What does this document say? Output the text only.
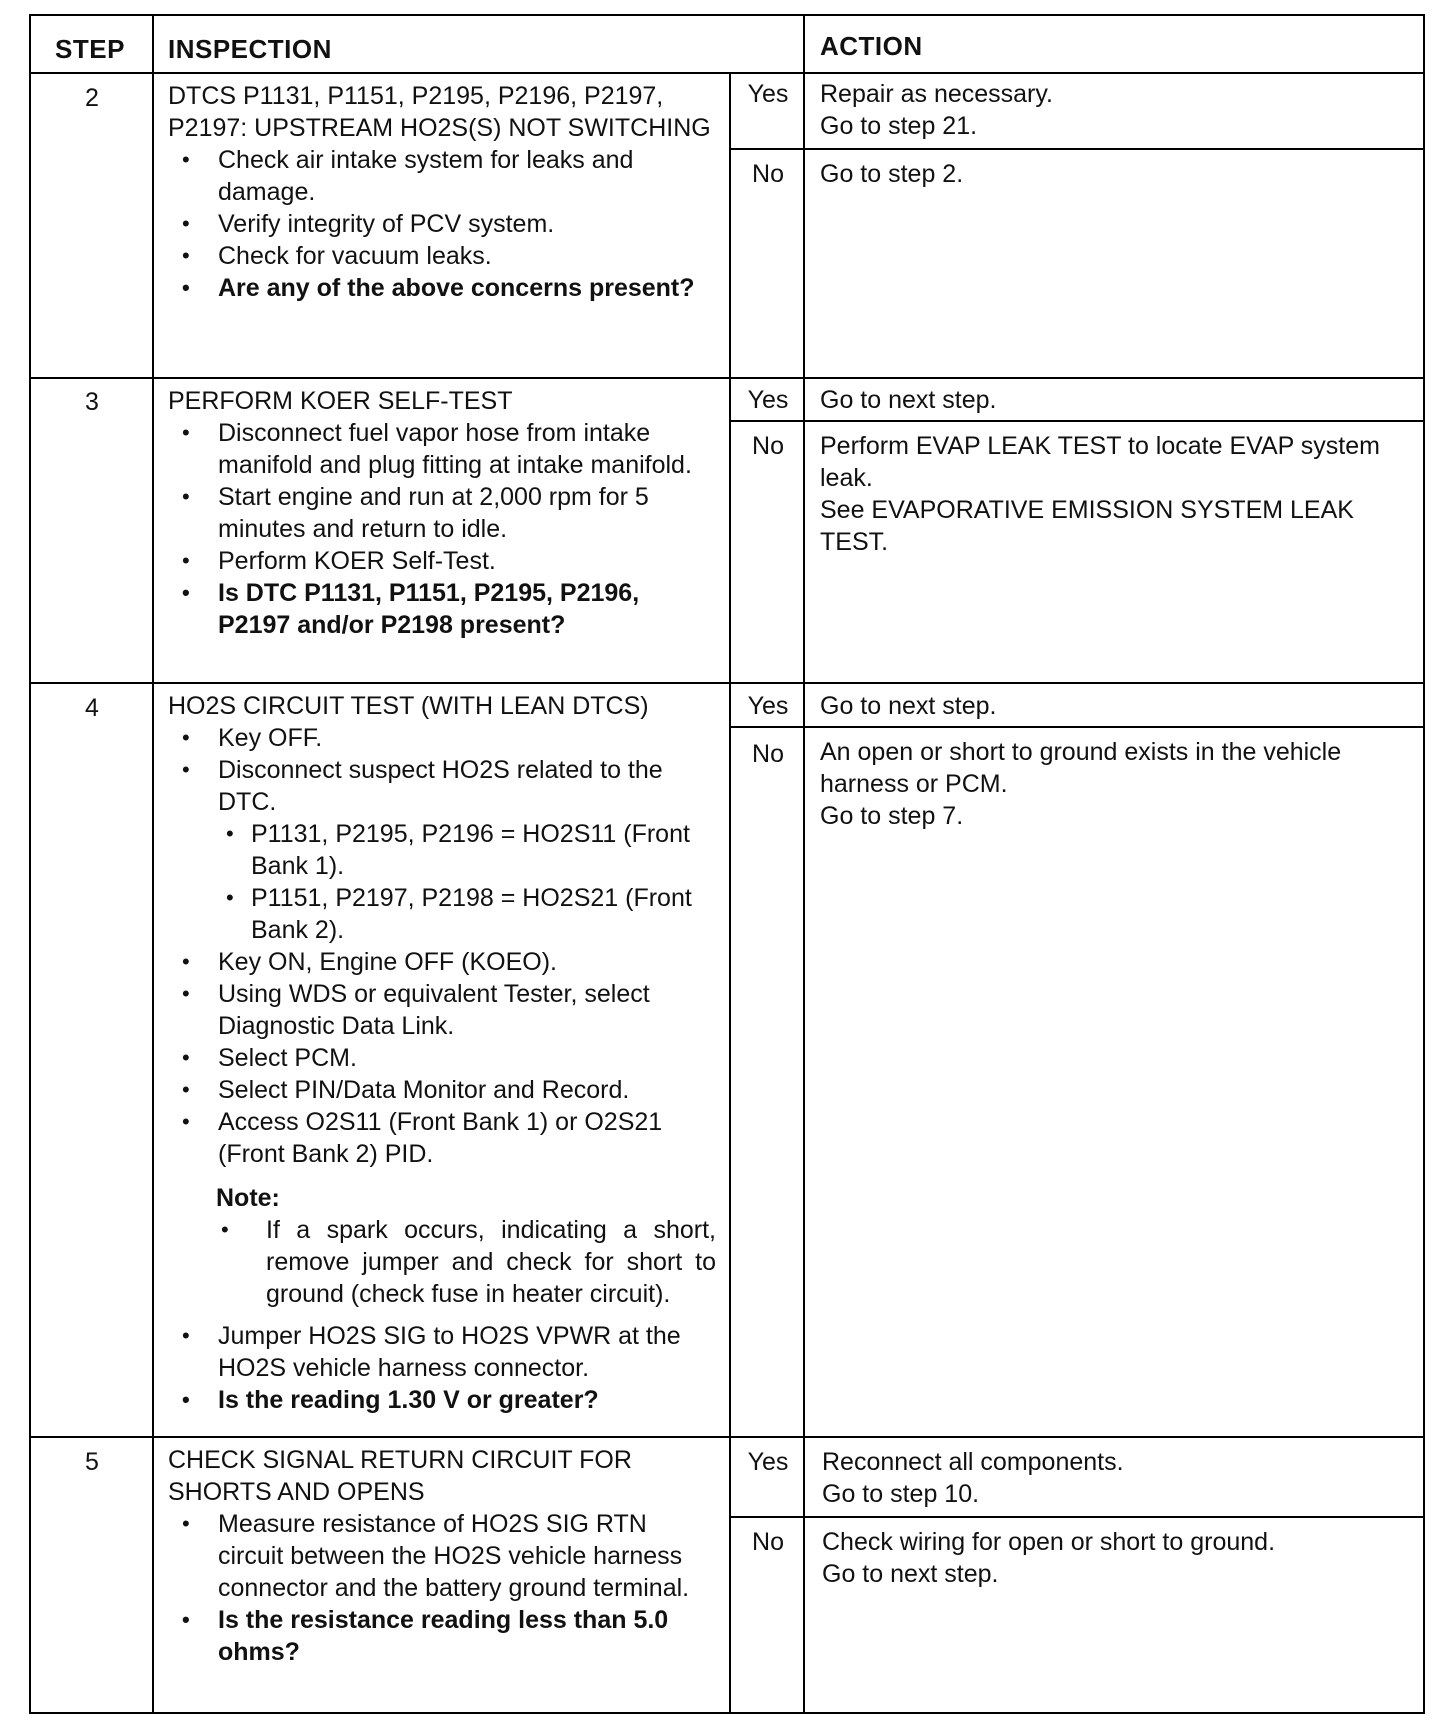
STEP INSPECTION	ACTION
2	DTCS P1131, P1151, P2195, P2196, P2197, P2197: UPSTREAM HO2S(S) NOT SWITCHING

• Check air intake system for leaks and damage.
• Verify integrity of PCV system.
• Check for vacuum leaks.
• Are any of the above concerns present?
Yes	Repair as necessary.

Go to step 21.

No	Go to step 2.

3	PERFORM KOER SELF-TEST

• Disconnect fuel vapor hose from intake manifold and plug fitting at intake manifold.
• Start engine and run at 2,000 rpm for 5 minutes and return to idle.
• Perform KOER Self-Test.
• Is DTC P1131, P1151, P2195, P2196, P2197 and/or P2198 present?
Yes	Go to next step.

No	Perform EVAP LEAK TEST to locate EVAP system leak.

See EVAPORATIVE EMISSION SYSTEM LEAK TEST.

4	HO2S CIRCUIT TEST (WITH LEAN DTCS)

• Key OFF.
• Disconnect suspect HO2S related to the DTC.
• P1131, P2195, P2196 = HO2S11 (Front Bank 1).
• P1151, P2197, P2198 = HO2S21 (Front Bank 2).
• Key ON, Engine OFF (KOEO).
• Using WDS or equivalent Tester, select Diagnostic Data Link.
• Select PCM.
• Select PIN/Data Monitor and Record.
• Access O2S11 (Front Bank 1) or O2S21 (Front Bank 2) PID.

Note:

• If a spark occurs, indicating a short, remove jumper and check for short to ground (check fuse in heater circuit).
• Jumper HO2S SIG to HO2S VPWR at the HO2S vehicle harness connector.
• Is the reading 1.30 V or greater?
Yes	Go to next step.

No	An open or short to ground exists in the vehicle harness or PCM.

Go to step 7.

5	CHECK SIGNAL RETURN CIRCUIT FOR SHORTS AND OPENS

• Measure resistance of HO2S SIG RTN circuit between the HO2S vehicle harness connector and the battery ground terminal.
• Is the resistance reading less than 5.0 ohms?
Yes	Reconnect all components.

Go to step 10.

No	Check wiring for open or short to ground.

Go to next step.
